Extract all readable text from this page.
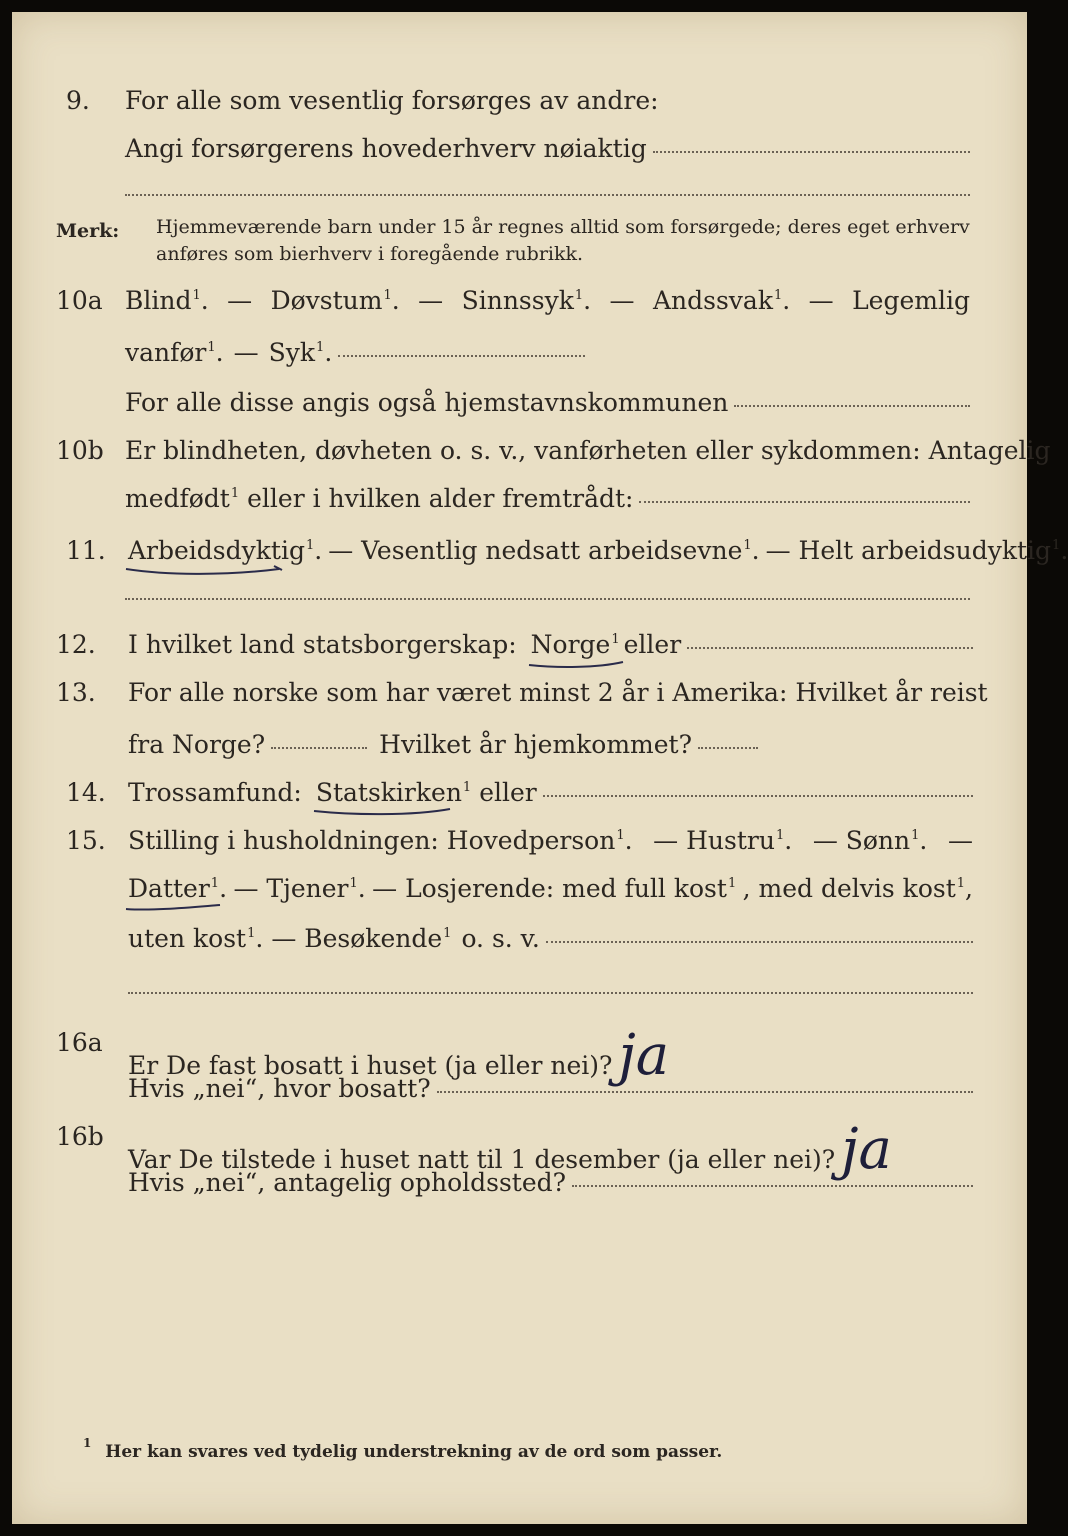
9. For alle som vesentlig forsørges av andre:
Angi forsørgerens hovederhverv nøiaktig
Merk: Hjemmeværende barn under 15 år regnes alltid som forsørgede; deres eget erhverv
anføres som bierhverv i foregående rubrikk.
10a Blind$^1$. — Døvstum$^1$. — Sinnssyk$^1$. — Andssvak$^1$. — Legemlig
vanfør$^1$. — Syk$^1$.
For alle disse angis også hjemstavnskommunen
10b Er blindheten, døvheten o. s. v., vanførheten eller sykdommen: Antagelig
medfødt$^1$ eller i hvilken alder fremtrådt:
11. Arbeidsdyktig$^1$. — Vesentlig nedsatt arbeidsevne$^1$. — Helt arbeidsudyktig$^1$.
12. I hvilket land statsborgerskap: Norge$^1$ eller
13. For alle norske som har været minst 2 år i Amerika: Hvilket år reist
fra Norge?	Hvilket år hjemkommet?
14. Trossamfund: Statskirken$^1$ eller
15. Stilling i husholdningen: Hovedperson$^1$. — Hustru$^1$. — Sønn$^1$. —
Datter$^1$. — Tjener$^1$. — Losjerende: med full kost$^1$ , med delvis kost$^1$,
uten kost$^1$. — Besøkende$^1$ o. s. v.
16a
Er De fast bosatt i huset (ja eller nei)? ja
Hvis „nei“, hvor bosatt?
16b
Var De tilstede i huset natt til 1 desember (ja eller nei)? ja
Hvis „nei“, antagelig opholdssted?
$^1$ Her kan svares ved tydelig understrekning av de ord som passer.
